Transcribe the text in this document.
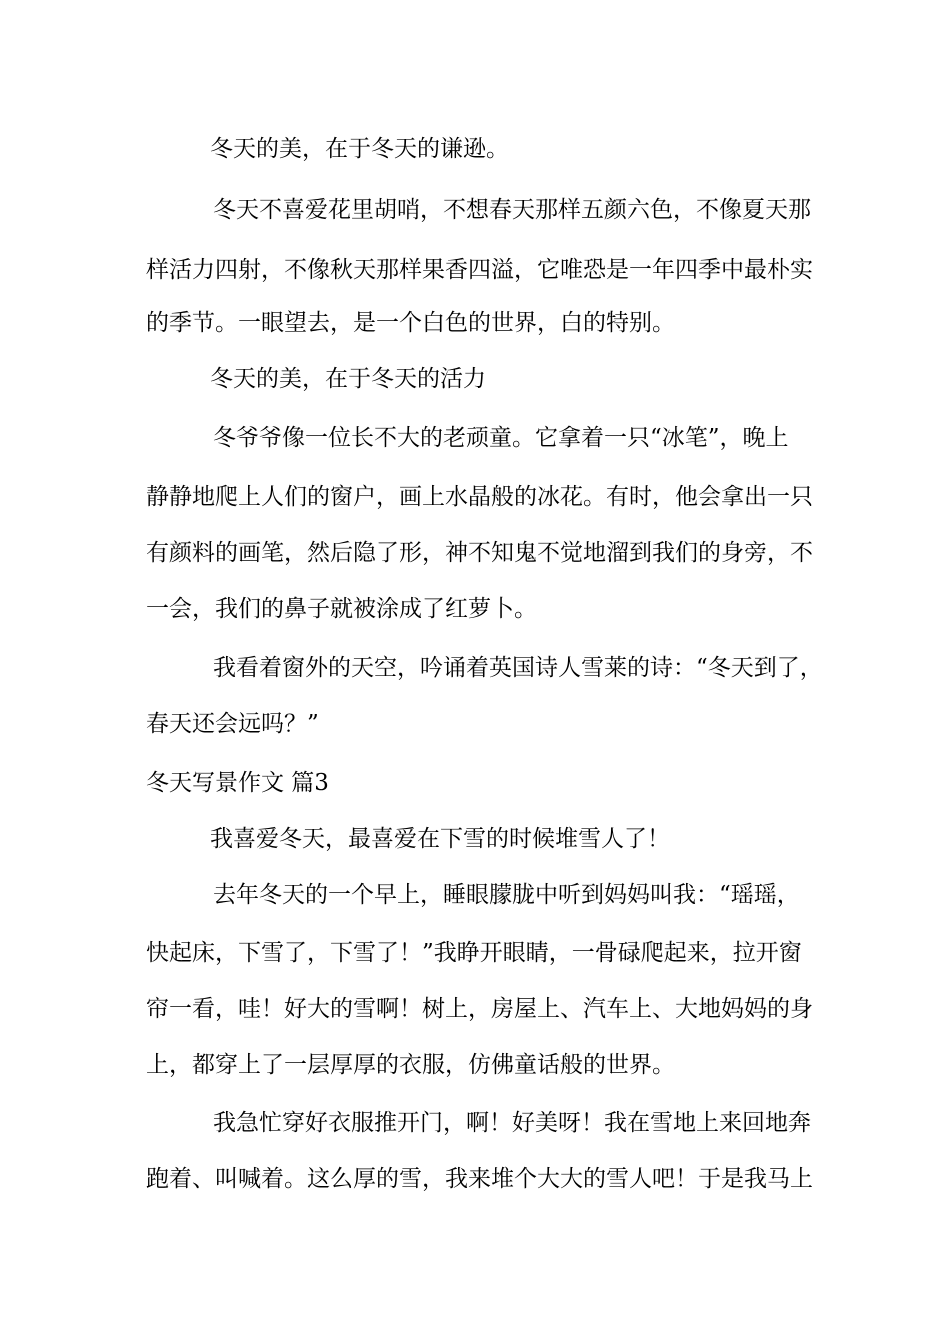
冬天的美，在于冬天的谦逊。
冬天不喜爱花里胡哨，不想春天那样五颜六色，不像夏天那
样活力四射，不像秋天那样果香四溢，它唯恐是一年四季中最朴实
的季节。一眼望去，是一个白色的世界，白的特别。
冬天的美，在于冬天的活力
冬爷爷像一位长不大的老顽童。它拿着一只“冰笔”，晚上
静静地爬上人们的窗户，画上水晶般的冰花。有时，他会拿出一只
有颜料的画笔，然后隐了形，神不知鬼不觉地溜到我们的身旁，不
一会，我们的鼻子就被涂成了红萝卜。
我看着窗外的天空，吟诵着英国诗人雪莱的诗：“冬天到了，
春天还会远吗？”
冬天写景作文 篇3
我喜爱冬天，最喜爱在下雪的时候堆雪人了！
去年冬天的一个早上，睡眼朦胧中听到妈妈叫我：“瑶瑶，
快起床，下雪了，下雪了！”我睁开眼睛，一骨碌爬起来，拉开窗
帘一看，哇！好大的雪啊！树上，房屋上、汽车上、大地妈妈的身
上，都穿上了一层厚厚的衣服，仿佛童话般的世界。
我急忙穿好衣服推开门，啊！好美呀！我在雪地上来回地奔
跑着、叫喊着。这么厚的雪，我来堆个大大的雪人吧！于是我马上
